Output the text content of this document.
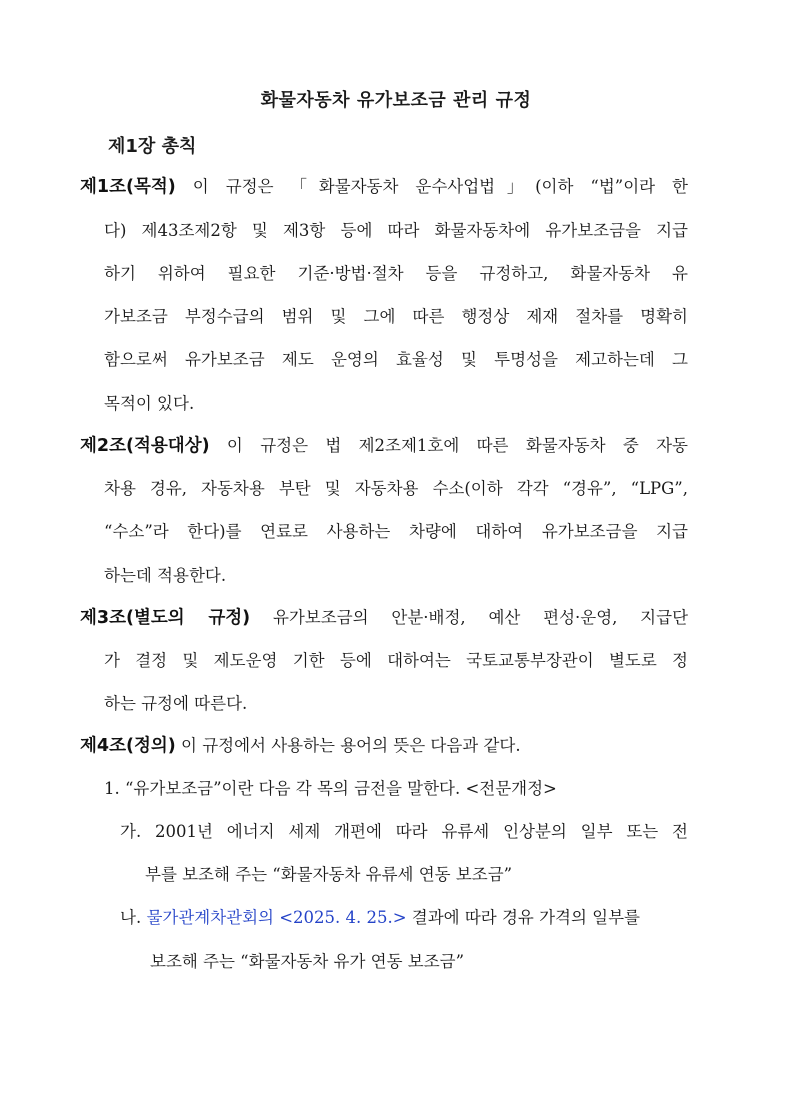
화물자동차 유가보조금 관리 규정
제1장 총칙
제1조(목적) 이 규정은 「화물자동차 운수사업법」(이하 “법”이라 한
다) 제43조제2항 및 제3항 등에 따라 화물자동차에 유가보조금을 지급
하기 위하여 필요한 기준·방법·절차 등을 규정하고, 화물자동차 유
가보조금 부정수급의 범위 및 그에 따른 행정상 제재 절차를 명확히
함으로써 유가보조금 제도 운영의 효율성 및 투명성을 제고하는데 그
목적이 있다.
제2조(적용대상) 이 규정은 법 제2조제1호에 따른 화물자동차 중 자동
차용 경유, 자동차용 부탄 및 자동차용 수소(이하 각각 “경유”, “LPG”,
“수소”라 한다)를 연료로 사용하는 차량에 대하여 유가보조금을 지급
하는데 적용한다.
제3조(별도의 규정) 유가보조금의 안분·배정, 예산 편성·운영, 지급단
가 결정 및 제도운영 기한 등에 대하여는 국토교통부장관이 별도로 정
하는 규정에 따른다.
제4조(정의) 이 규정에서 사용하는 용어의 뜻은 다음과 같다.
1. “유가보조금”이란 다음 각 목의 금전을 말한다. <전문개정>
가. 2001년 에너지 세제 개편에 따라 유류세 인상분의 일부 또는 전
부를 보조해 주는 “화물자동차 유류세 연동 보조금”
나. 물가관계차관회의 <2025. 4. 25.> 결과에 따라 경유 가격의 일부를
보조해 주는 “화물자동차 유가 연동 보조금”
